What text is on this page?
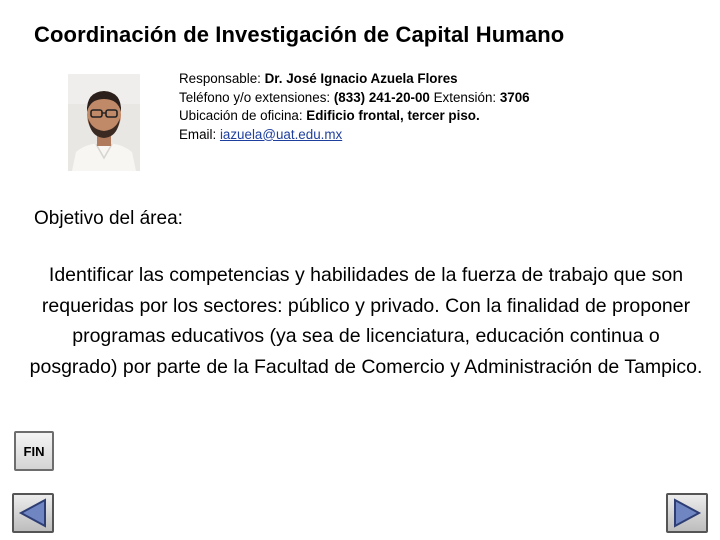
Coordinación de Investigación de Capital Humano
Responsable: Dr. José Ignacio Azuela Flores
Teléfono y/o extensiones: (833) 241-20-00 Extensión: 3706
Ubicación de oficina: Edificio frontal, tercer piso.
Email: iazuela@uat.edu.mx
Objetivo del área:
Identificar las competencias y habilidades de la fuerza de trabajo que son requeridas por los sectores: público y privado. Con la finalidad de proponer programas educativos (ya sea de licenciatura, educación continua o posgrado) por parte de la Facultad de Comercio y Administración de Tampico.
FIN
